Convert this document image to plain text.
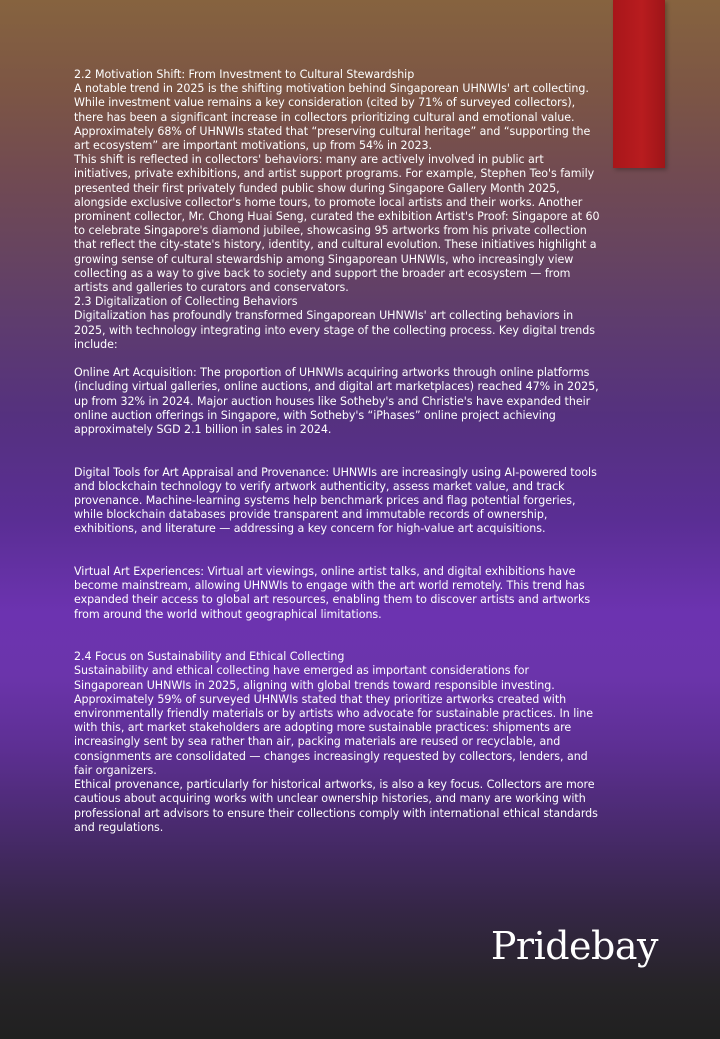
2.2 Motivation Shift: From Investment to Cultural Stewardship

A notable trend in 2025 is the shifting motivation behind Singaporean UHNWIs' art collecting. While investment value remains a key consideration (cited by 71% of surveyed collectors), there has been a significant increase in collectors prioritizing cultural and emotional value. Approximately 68% of UHNWIs stated that “preserving cultural heritage” and “supporting the art ecosystem” are important motivations, up from 54% in 2023.

This shift is reflected in collectors' behaviors: many are actively involved in public art initiatives, private exhibitions, and artist support programs. For example, Stephen Teo's family presented their first privately funded public show during Singapore Gallery Month 2025, alongside exclusive collector's home tours, to promote local artists and their works. Another prominent collector, Mr. Chong Huai Seng, curated the exhibition Artist's Proof: Singapore at 60 to celebrate Singapore's diamond jubilee, showcasing 95 artworks from his private collection that reflect the city-state's history, identity, and cultural evolution. These initiatives highlight a growing sense of cultural stewardship among Singaporean UHNWIs, who increasingly view collecting as a way to give back to society and support the broader art ecosystem — from artists and galleries to curators and conservators.

2.3 Digitalization of Collecting Behaviors

Digitalization has profoundly transformed Singaporean UHNWIs' art collecting behaviors in 2025, with technology integrating into every stage of the collecting process. Key digital trends include:

Online Art Acquisition: The proportion of UHNWIs acquiring artworks through online platforms (including virtual galleries, online auctions, and digital art marketplaces) reached 47% in 2025, up from 32% in 2024. Major auction houses like Sotheby's and Christie's have expanded their online auction offerings in Singapore, with Sotheby's “iPhases” online project achieving approximately SGD 2.1 billion in sales in 2024.

Digital Tools for Art Appraisal and Provenance: UHNWIs are increasingly using AI-powered tools and blockchain technology to verify artwork authenticity, assess market value, and track provenance. Machine-learning systems help benchmark prices and flag potential forgeries, while blockchain databases provide transparent and immutable records of ownership, exhibitions, and literature — addressing a key concern for high-value art acquisitions.

Virtual Art Experiences: Virtual art viewings, online artist talks, and digital exhibitions have become mainstream, allowing UHNWIs to engage with the art world remotely. This trend has expanded their access to global art resources, enabling them to discover artists and artworks from around the world without geographical limitations.

2.4 Focus on Sustainability and Ethical Collecting

Sustainability and ethical collecting have emerged as important considerations for Singaporean UHNWIs in 2025, aligning with global trends toward responsible investing. Approximately 59% of surveyed UHNWIs stated that they prioritize artworks created with environmentally friendly materials or by artists who advocate for sustainable practices. In line with this, art market stakeholders are adopting more sustainable practices: shipments are increasingly sent by sea rather than air, packing materials are reused or recyclable, and consignments are consolidated — changes increasingly requested by collectors, lenders, and fair organizers.

Ethical provenance, particularly for historical artworks, is also a key focus. Collectors are more cautious about acquiring works with unclear ownership histories, and many are working with professional art advisors to ensure their collections comply with international ethical standards and regulations.

Pridebay
